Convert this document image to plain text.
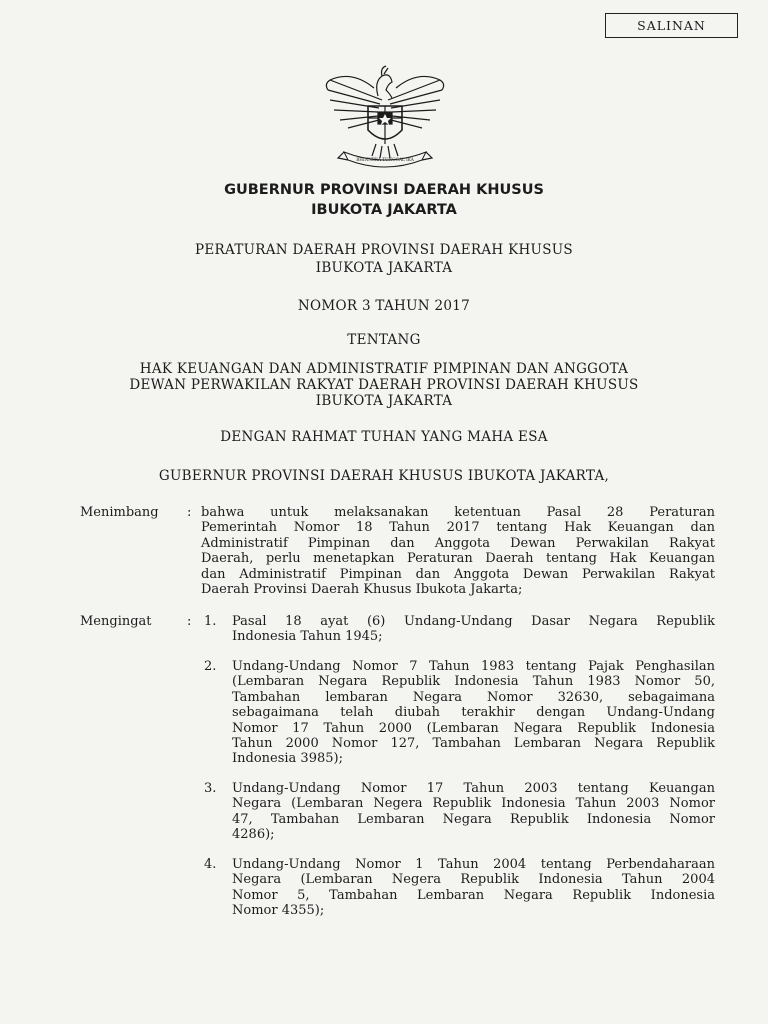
SALINAN
BHINNEKA TUNGGAL IKA
GUBERNUR PROVINSI DAERAH KHUSUS
IBUKOTA JAKARTA
PERATURAN DAERAH PROVINSI DAERAH KHUSUS
IBUKOTA JAKARTA
NOMOR 3 TAHUN 2017
TENTANG
HAK KEUANGAN DAN ADMINISTRATIF PIMPINAN DAN ANGGOTA
DEWAN PERWAKILAN RAKYAT DAERAH PROVINSI DAERAH KHUSUS
IBUKOTA JAKARTA
DENGAN RAHMAT TUHAN YANG MAHA ESA
GUBERNUR PROVINSI DAERAH KHUSUS IBUKOTA JAKARTA,
Menimbang : bahwa untuk melaksanakan ketentuan Pasal 28 Peraturan
Pemerintah Nomor 18 Tahun 2017 tentang Hak Keuangan dan
Administratif Pimpinan dan Anggota Dewan Perwakilan Rakyat
Daerah, perlu menetapkan Peraturan Daerah tentang Hak Keuangan
dan Administratif Pimpinan dan Anggota Dewan Perwakilan Rakyat
Daerah Provinsi Daerah Khusus Ibukota Jakarta;
Mengingat	: 1. Pasal 18 ayat (6) Undang-Undang Dasar Negara Republik
Indonesia Tahun 1945;
2. Undang-Undang Nomor 7 Tahun 1983 tentang Pajak Penghasilan
(Lembaran Negara Republik Indonesia Tahun 1983 Nomor 50,
Tambahan lembaran Negara Nomor 32630, sebagaimana
sebagaimana telah diubah terakhir dengan Undang-Undang
Nomor 17 Tahun 2000 (Lembaran Negara Republik Indonesia
Tahun 2000 Nomor 127, Tambahan Lembaran Negara Republik
Indonesia 3985);
3. Undang-Undang Nomor 17 Tahun 2003 tentang Keuangan
Negara (Lembaran Negera Republik Indonesia Tahun 2003 Nomor
47, Tambahan Lembaran Negara Republik Indonesia Nomor
4286);
4. Undang-Undang Nomor 1 Tahun 2004 tentang Perbendaharaan
Negara (Lembaran Negera Republik Indonesia Tahun 2004
Nomor 5, Tambahan Lembaran Negara Republik Indonesia
Nomor 4355);
